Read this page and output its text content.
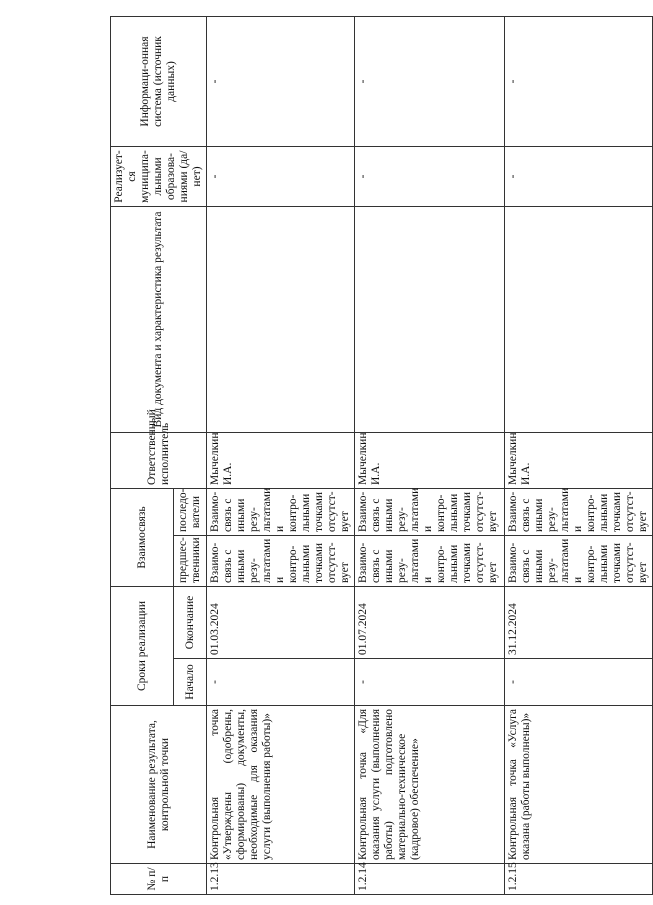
№ п/п	Наименование результата, контрольной точки	Сроки реализации		Взаимосвязь		Ответственный исполнитель	Вид документа и характеристика результата	Реализует-ся муниципа-льными образова-ниями (да/нет)	Информаци-онная система (источник данных)
		Начало	Окончание	предшес-твенники	последо-ватели				
1.2.13	Контрольная точка «Утверждены (одобрены, сформированы) документы, необходимые для оказания услуги (выполнения работы)»	-	01.03.2024	Взаимо-связь с иными резу-льтатами и контро-льными точками отсутст-вует	Взаимо-связь с иными резу-льтатами и контро-льными точками отсутст-вует	Мычелкин И.А.		-	-
1.2.14	Контрольная точка «Для оказания услуги (выполнения работы) подготовлено материально-техническое (кадровое) обеспечение»	-	01.07.2024	Взаимо-связь с иными резу-льтатами и контро-льными точками отсутст-вует	Взаимо-связь с иными резу-льтатами и контро-льными точками отсутст-вует	Мычелкин И.А.		-	-
1.2.15	Контрольная точка «Услуга оказана (работы выполнены)»	-	31.12.2024	Взаимо-связь с иными резу-льтатами и контро-льными точками отсутст-вует	Взаимо-связь с иными резу-льтатами и контро-льными точками отсутст-вует	Мычелкин И.А.		-	-
